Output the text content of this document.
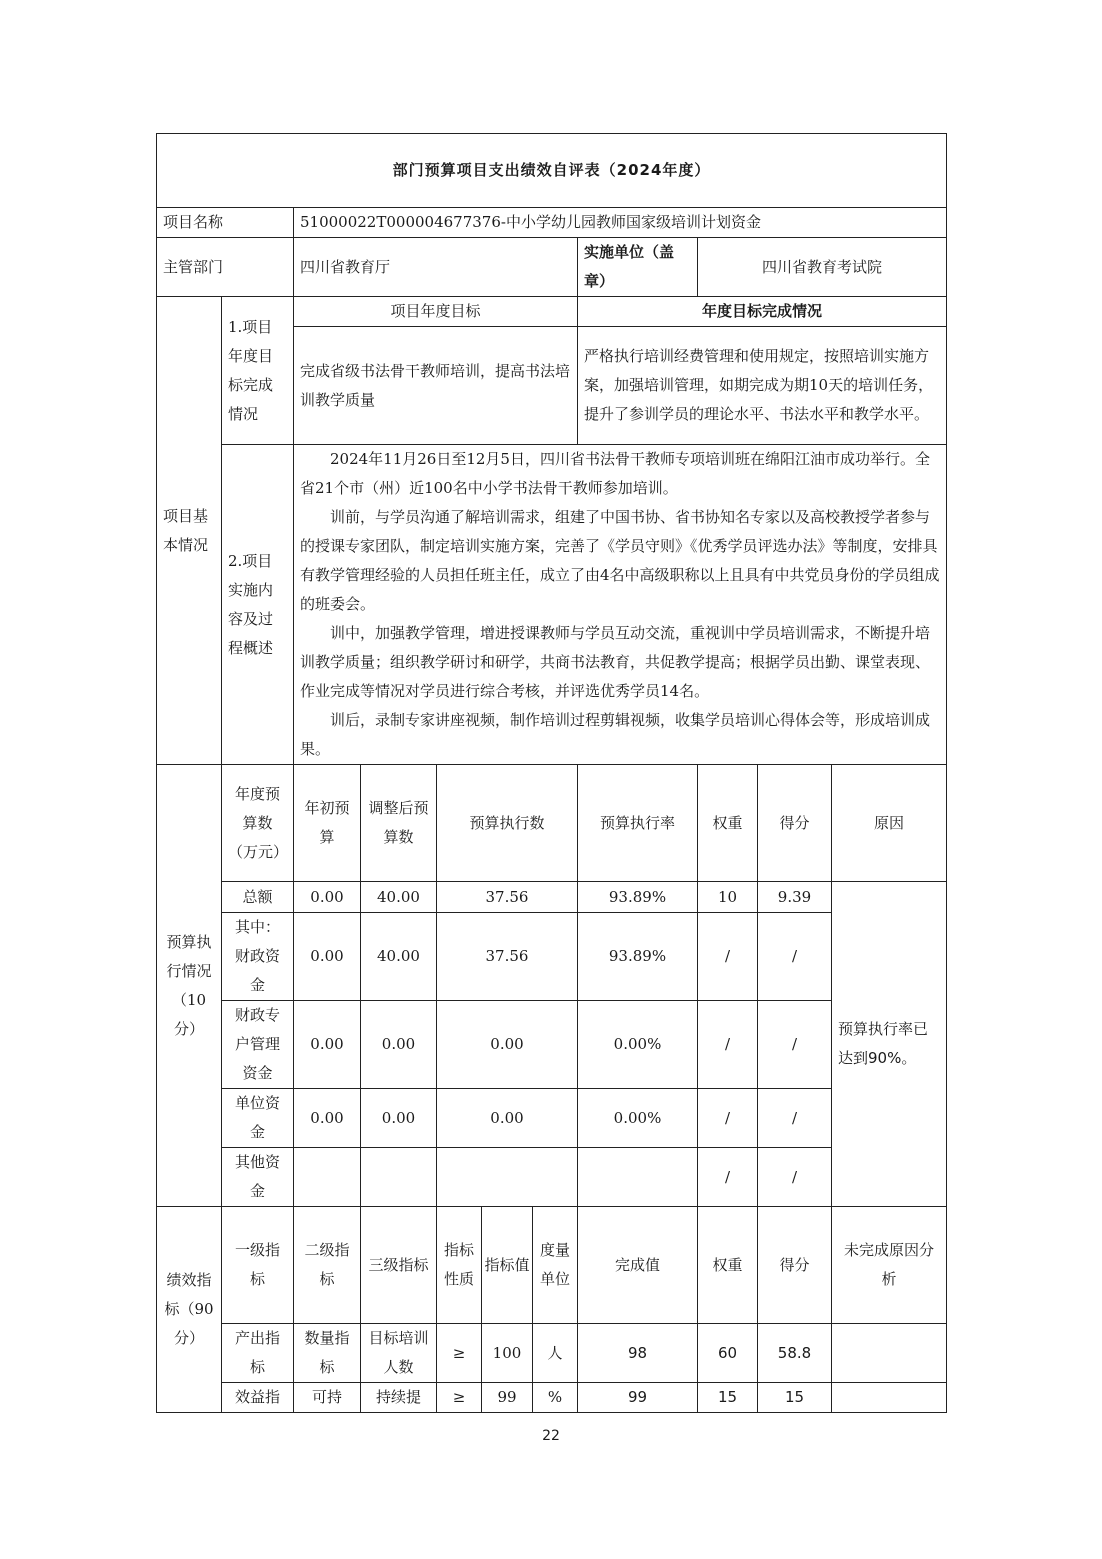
部门预算项目支出绩效自评表（2024年度）										
项目名称		51000022T000004677376-中小学幼儿园教师国家级培训计划资金								
主管部门		四川省教育厅					实施单位（盖章）	四川省教育考试院		
项目基本情况	1.项目年度目标完成情况	项目年度目标					年度目标完成情况			
		完成省级书法骨干教师培训，提高书法培训教学质量					严格执行培训经费管理和使用规定，按照培训实施方案，加强培训管理，如期完成为期10天的培训任务，提升了参训学员的理论水平、书法水平和教学水平。			
	2.项目实施内容及过程概述	2024年11月26日至12月5日，四川省书法骨干教师专项培训班在绵阳江油市成功举行。全省21个市（州）近100名中小学书法骨干教师参加培训。

训前，与学员沟通了解培训需求，组建了中国书协、省书协知名专家以及高校教授学者参与的授课专家团队，制定培训实施方案，完善了《学员守则》《优秀学员评选办法》等制度，安排具有教学管理经验的人员担任班主任，成立了由4名中高级职称以上且具有中共党员身份的学员组成的班委会。

训中，加强教学管理，增进授课教师与学员互动交流，重视训中学员培训需求，不断提升培训教学质量；组织教学研讨和研学，共商书法教育，共促教学提高；根据学员出勤、课堂表现、作业完成等情况对学员进行综合考核，并评选优秀学员14名。

训后，录制专家讲座视频，制作培训过程剪辑视频，收集学员培训心得体会等，形成培训成果。								

预算执行情况（10分）	年度预算数（万元）	年初预算	调整后预算数	预算执行数			预算执行率	权重	得分	原因
	总额	0.00	40.00	37.56			93.89%	10	9.39	预算执行率已达到90%。
	其中：财政资金	0.00	40.00	37.56			93.89%	/	/	
	财政专户管理资金	0.00	0.00	0.00			0.00%	/	/	
	单位资金	0.00	0.00	0.00			0.00%	/	/	
	其他资金							/	/	
绩效指标（90分）	一级指标	二级指标	三级指标	指标性质	指标值	度量单位	完成值	权重	得分	未完成原因分析
	产出指标	数量指标	目标培训人数	≥	100	人	98	60	58.8	
	效益指	可持	持续提	≥	99	%	99	15	15	
22
